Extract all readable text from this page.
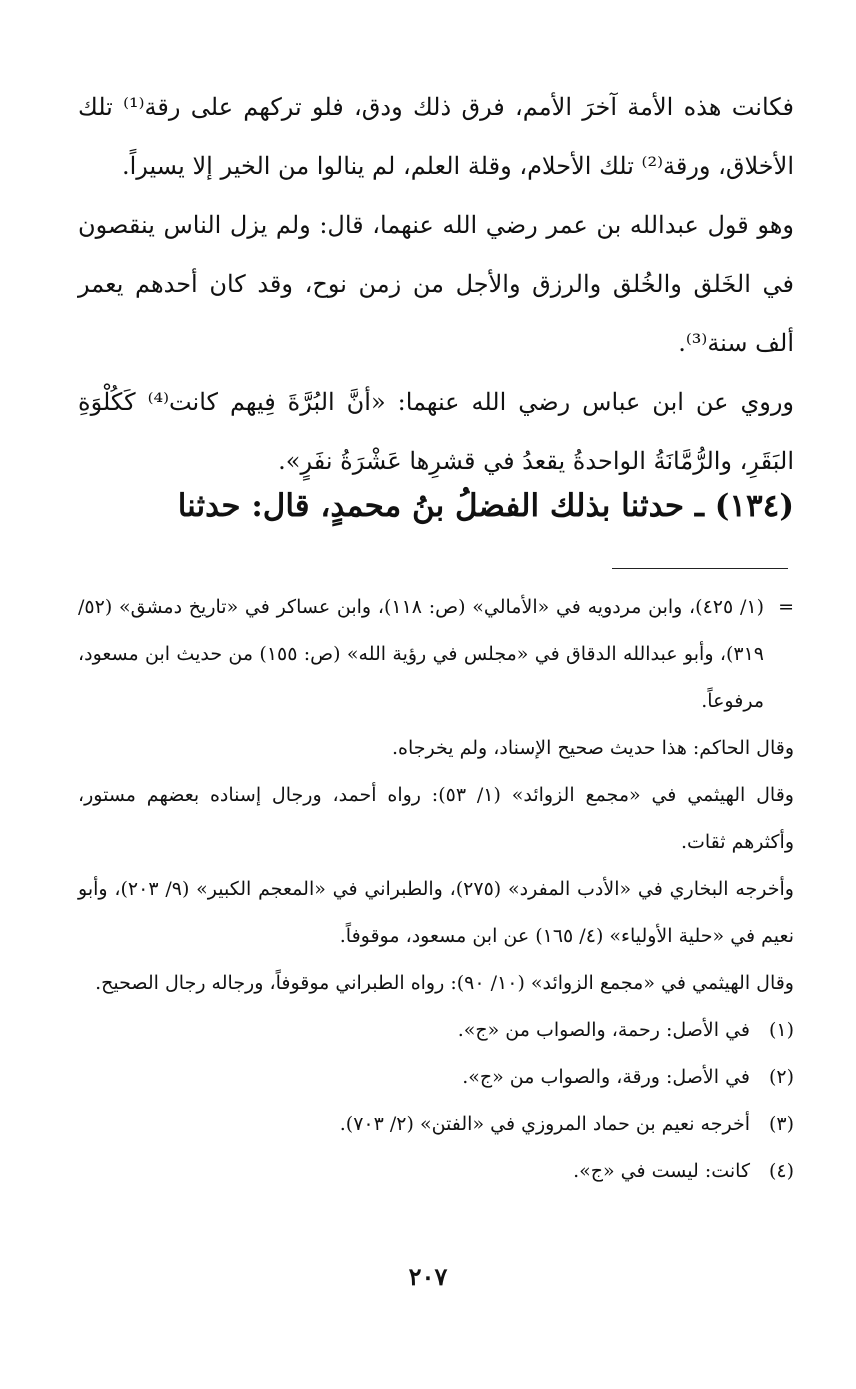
فكانت هذه الأمة آخرَ الأمم، فرق ذلك ودق، فلو تركهم على رقة⁽¹⁾ تلك الأخلاق، ورقة⁽²⁾ تلك الأحلام، وقلة العلم، لم ينالوا من الخير إلا يسيراً.

وهو قول عبدالله بن عمر رضي الله عنهما، قال: ولم يزل الناس ينقصون في الخَلق والخُلق والرزق والأجل من زمن نوح، وقد كان أحدهم يعمر ألف سنة⁽³⁾.

وروي عن ابن عباس رضي الله عنهما: «أنَّ البُرَّةَ فِيهم كانت⁽⁴⁾ كَكُلْوَةِ البَقَرِ، والرُّمَّانَةُ الواحدةُ يقعدُ في قشرِها عَشْرَةُ نفَرٍ».

(١٣٤) ـ حدثنا بذلك الفضلُ بنُ محمدٍ، قال: حدثنا
=

(١/ ٤٢٥)، وابن مردويه في «الأمالي» (ص: ١١٨)، وابن عساكر في «تاريخ دمشق» (٥٢/ ٣١٩)، وأبو عبدالله الدقاق في «مجلس في رؤية الله» (ص: ١٥٥) من حديث ابن مسعود، مرفوعاً.

وقال الحاكم: هذا حديث صحيح الإسناد، ولم يخرجاه.

وقال الهيثمي في «مجمع الزوائد» (١/ ٥٣): رواه أحمد، ورجال إسناده بعضهم مستور، وأكثرهم ثقات.

وأخرجه البخاري في «الأدب المفرد» (٢٧٥)، والطبراني في «المعجم الكبير» (٩/ ٢٠٣)، وأبو نعيم في «حلية الأولياء» (٤/ ١٦٥) عن ابن مسعود، موقوفاً.

وقال الهيثمي في «مجمع الزوائد» (١٠/ ٩٠): رواه الطبراني موقوفاً، ورجاله رجال الصحيح.

(١)
في الأصل: رحمة، والصواب من «ج».
(٢)
في الأصل: ورقة، والصواب من «ج».
(٣)
أخرجه نعيم بن حماد المروزي في «الفتن» (٢/ ٧٠٣).
(٤)
كانت: ليست في «ج».
٢٠٧
